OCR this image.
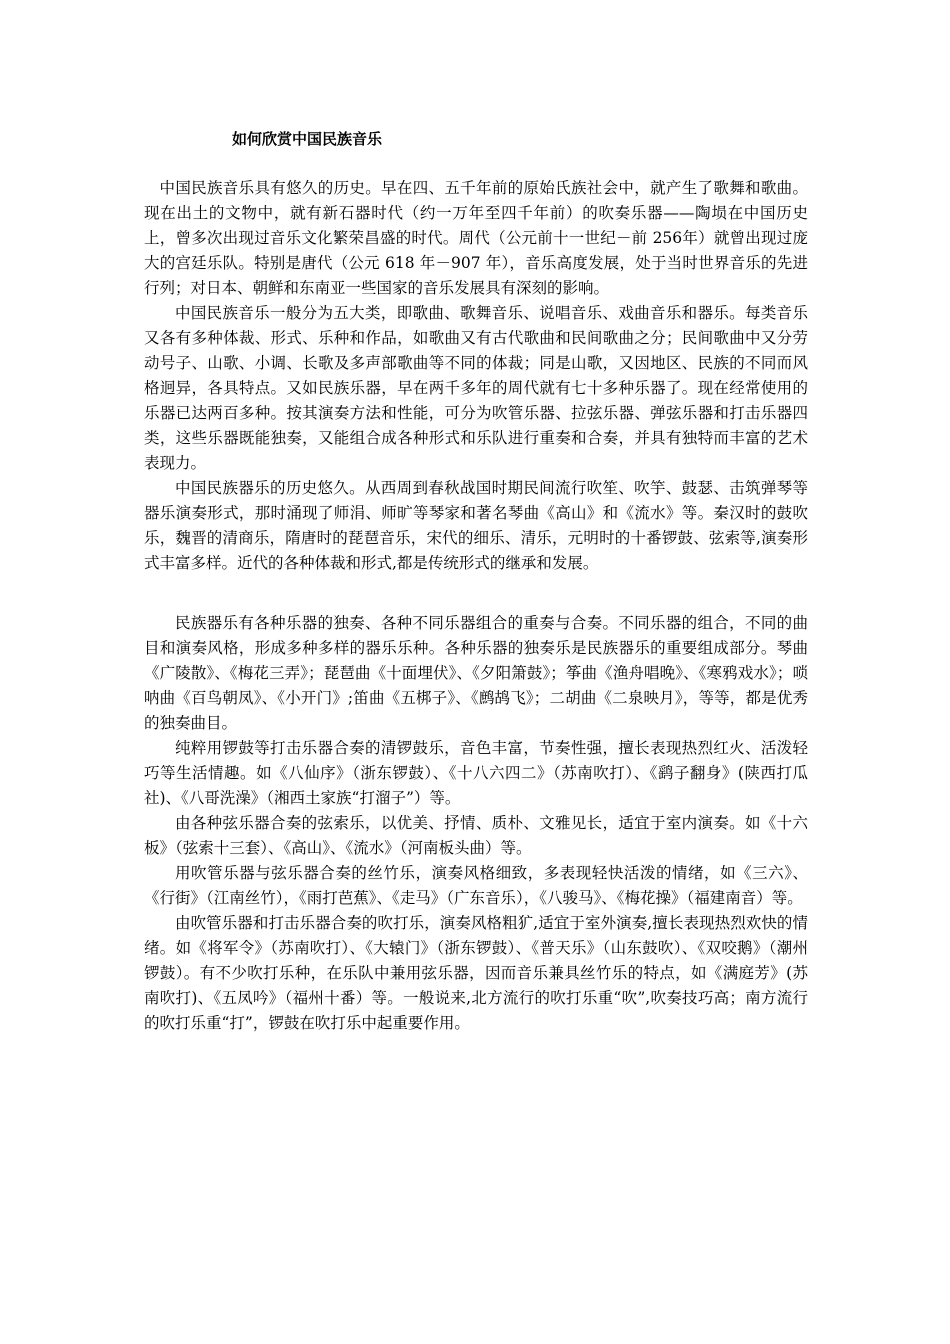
如何欣赏中国民族音乐

中国民族音乐具有悠久的历史。早在四、五千年前的原始氏族社会中，就产生了歌舞和歌曲。现在出土的文物中，就有新石器时代（约一万年至四千年前）的吹奏乐器——陶埙在中国历史上，曾多次出现过音乐文化繁荣昌盛的时代。周代（公元前十一世纪－前 256年）就曾出现过庞大的宫廷乐队。特别是唐代（公元 618 年－907 年），音乐高度发展，处于当时世界音乐的先进行列；对日本、朝鲜和东南亚一些国家的音乐发展具有深刻的影响。

中国民族音乐一般分为五大类，即歌曲、歌舞音乐、说唱音乐、戏曲音乐和器乐。每类音乐又各有多种体裁、形式、乐种和作品，如歌曲又有古代歌曲和民间歌曲之分；民间歌曲中又分劳动号子、山歌、小调、长歌及多声部歌曲等不同的体裁；同是山歌，又因地区、民族的不同而风格迥异，各具特点。又如民族乐器，早在两千多年的周代就有七十多种乐器了。现在经常使用的乐器已达两百多种。按其演奏方法和性能，可分为吹管乐器、拉弦乐器、弹弦乐器和打击乐器四类，这些乐器既能独奏，又能组合成各种形式和乐队进行重奏和合奏，并具有独特而丰富的艺术表现力。

中国民族器乐的历史悠久。从西周到春秋战国时期民间流行吹笙、吹竽、鼓瑟、击筑弹琴等器乐演奏形式，那时涌现了师涓、师旷等琴家和著名琴曲《高山》和《流水》等。秦汉时的鼓吹乐，魏晋的清商乐，隋唐时的琵琶音乐，宋代的细乐、清乐，元明时的十番锣鼓、弦索等,演奏形式丰富多样。近代的各种体裁和形式,都是传统形式的继承和发展。

民族器乐有各种乐器的独奏、各种不同乐器组合的重奏与合奏。不同乐器的组合，不同的曲目和演奏风格，形成多种多样的器乐乐种。各种乐器的独奏乐是民族器乐的重要组成部分。琴曲《广陵散》、《梅花三弄》；琵琶曲《十面埋伏》、《夕阳箫鼓》；筝曲《渔舟唱晚》、《寒鸦戏水》；唢呐曲《百鸟朝凤》、《小开门》;笛曲《五梆子》、《鹧鸪飞》；二胡曲《二泉映月》，等等，都是优秀的独奏曲目。

纯粹用锣鼓等打击乐器合奏的清锣鼓乐，音色丰富，节奏性强，擅长表现热烈红火、活泼轻巧等生活情趣。如《八仙序》（浙东锣鼓）、《十八六四二》（苏南吹打）、《鹞子翻身》(陕西打瓜社)、《八哥洗澡》（湘西土家族“打溜子”）等。

由各种弦乐器合奏的弦索乐，以优美、抒情、质朴、文雅见长，适宜于室内演奏。如《十六板》（弦索十三套）、《高山》、《流水》（河南板头曲）等。

用吹管乐器与弦乐器合奏的丝竹乐，演奏风格细致，多表现轻快活泼的情绪，如《三六》、《行街》（江南丝竹），《雨打芭蕉》、《走马》（广东音乐），《八骏马》、《梅花操》（福建南音）等。

由吹管乐器和打击乐器合奏的吹打乐，演奏风格粗犷,适宜于室外演奏,擅长表现热烈欢快的情绪。如《将军令》（苏南吹打）、《大辕门》（浙东锣鼓）、《普天乐》（山东鼓吹）、《双咬鹅》（潮州锣鼓）。有不少吹打乐种，在乐队中兼用弦乐器，因而音乐兼具丝竹乐的特点，如《满庭芳》(苏南吹打)、《五凤吟》（福州十番）等。一般说来,北方流行的吹打乐重“吹”,吹奏技巧高；南方流行的吹打乐重“打”，锣鼓在吹打乐中起重要作用。
